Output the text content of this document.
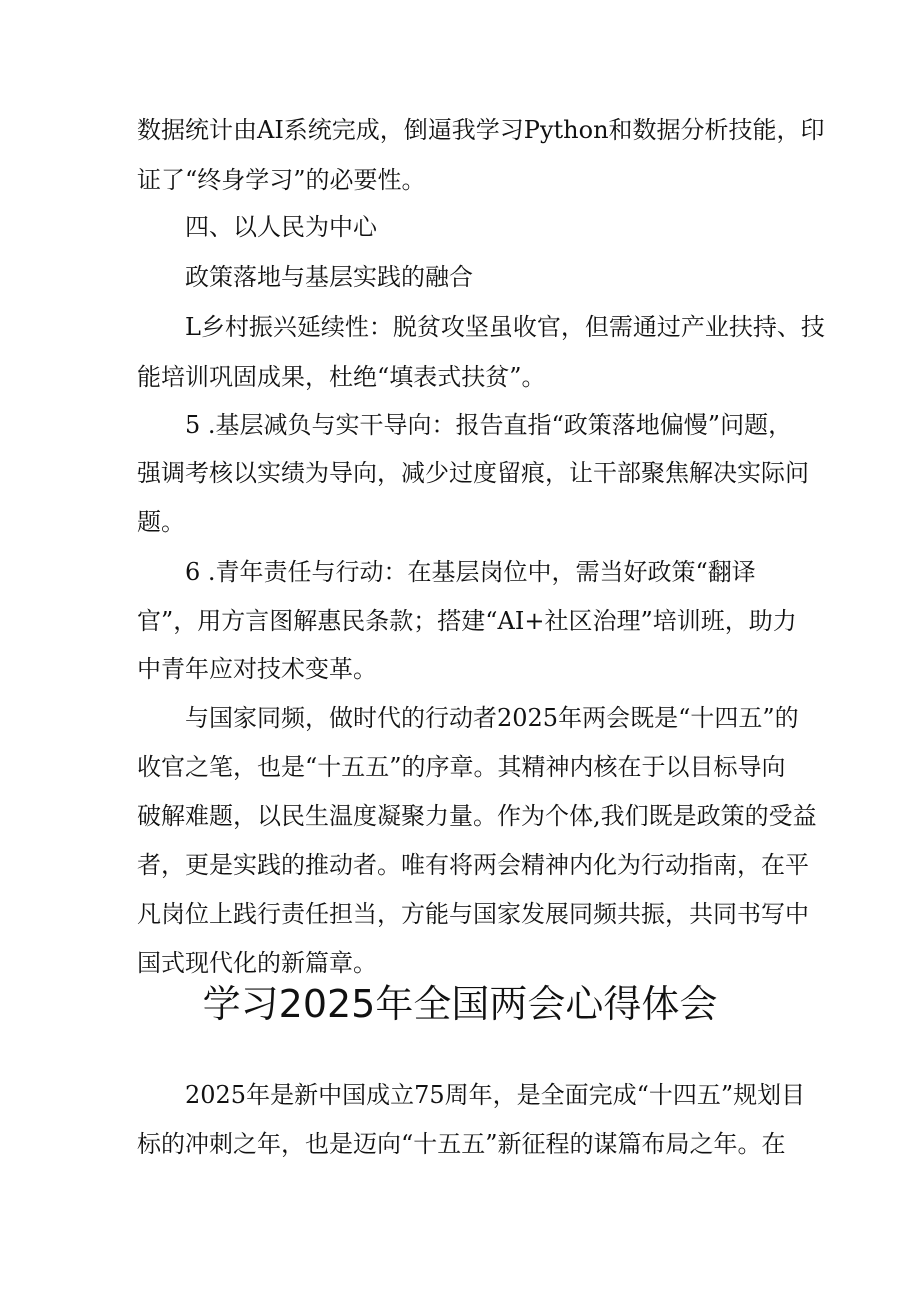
数据统计由AI系统完成，倒逼我学习Python和数据分析技能，印
证了“终身学习”的必要性。
四、以人民为中心
政策落地与基层实践的融合
L乡村振兴延续性：脱贫攻坚虽收官，但需通过产业扶持、技
能培训巩固成果，杜绝“填表式扶贫”。
5 .基层减负与实干导向：报告直指“政策落地偏慢”问题，
强调考核以实绩为导向，减少过度留痕，让干部聚焦解决实际问
题。
6 .青年责任与行动：在基层岗位中，需当好政策“翻译
官”，用方言图解惠民条款；搭建“AI+社区治理”培训班，助力
中青年应对技术变革。
与国家同频，做时代的行动者2025年两会既是“十四五”的
收官之笔，也是“十五五”的序章。其精神内核在于以目标导向
破解难题，以民生温度凝聚力量。作为个体,我们既是政策的受益
者，更是实践的推动者。唯有将两会精神内化为行动指南，在平
凡岗位上践行责任担当，方能与国家发展同频共振，共同书写中
国式现代化的新篇章。
学习2025年全国两会心得体会
2025年是新中国成立75周年，是全面完成“十四五”规划目
标的冲刺之年，也是迈向“十五五”新征程的谋篇布局之年。在
